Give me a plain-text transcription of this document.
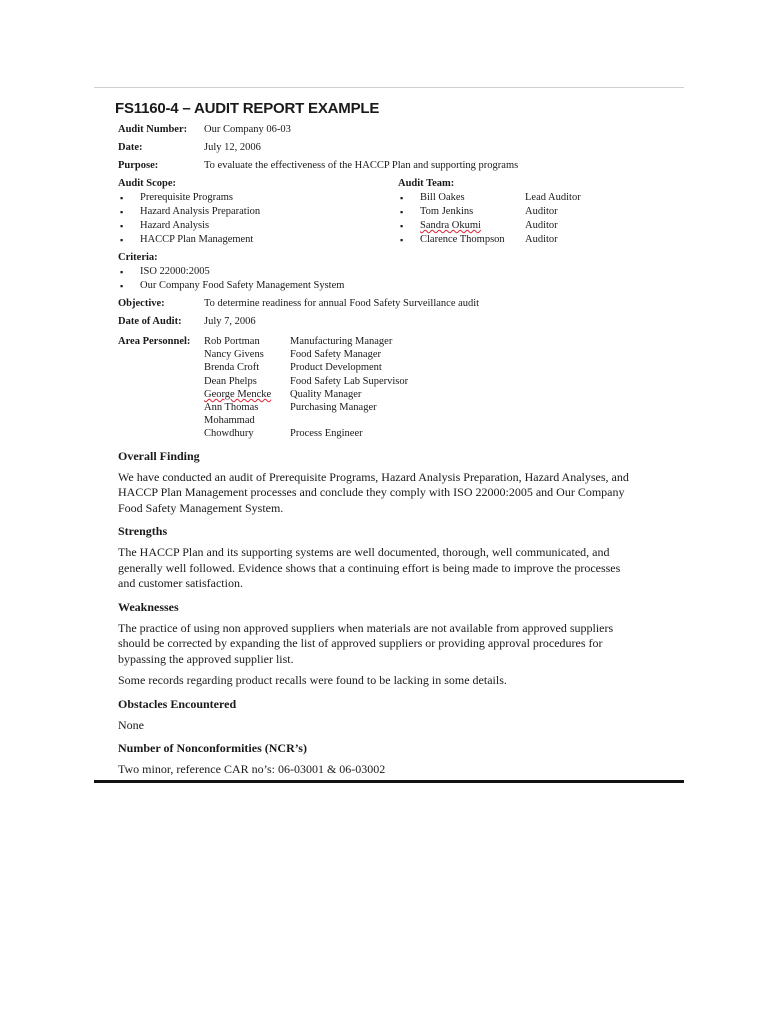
FS1160-4 – AUDIT REPORT EXAMPLE
Audit Number:	Our Company 06-03
Date:	July 12, 2006
Purpose:	To evaluate the effectiveness of the HACCP Plan and supporting programs
Audit Scope:
▪ Prerequisite Programs
▪ Hazard Analysis Preparation
▪ Hazard Analysis
▪ HACCP Plan Management
Audit Team:
▪ Bill Oakes	Lead Auditor
▪ Tom Jenkins	Auditor
▪ Sandra Okumi	Auditor
▪ Clarence Thompson	Auditor
Criteria:
▪ ISO 22000:2005
▪ Our Company Food Safety Management System
Objective:	To determine readiness for annual Food Safety Surveillance audit
Date of Audit:	July 7, 2006
Area Personnel:	Rob Portman	Manufacturing Manager
Nancy Givens	Food Safety Manager
Brenda Croft	Product Development
Dean Phelps	Food Safety Lab Supervisor
George Mencke	Quality Manager
Ann Thomas	Purchasing Manager
Mohammad
Chowdhury	Process Engineer
Overall Finding
We have conducted an audit of Prerequisite Programs, Hazard Analysis Preparation, Hazard Analyses, and HACCP Plan Management processes and conclude they comply with ISO 22000:2005 and Our Company Food Safety Management System.
Strengths
The HACCP Plan and its supporting systems are well documented, thorough, well communicated, and generally well followed. Evidence shows that a continuing effort is being made to improve the processes and customer satisfaction.
Weaknesses
The practice of using non approved suppliers when materials are not available from approved suppliers should be corrected by expanding the list of approved suppliers or providing approval procedures for bypassing the approved supplier list.
Some records regarding product recalls were found to be lacking in some details.
Obstacles Encountered
None
Number of Nonconformities (NCR’s)
Two minor, reference CAR no’s: 06-03001 & 06-03002
